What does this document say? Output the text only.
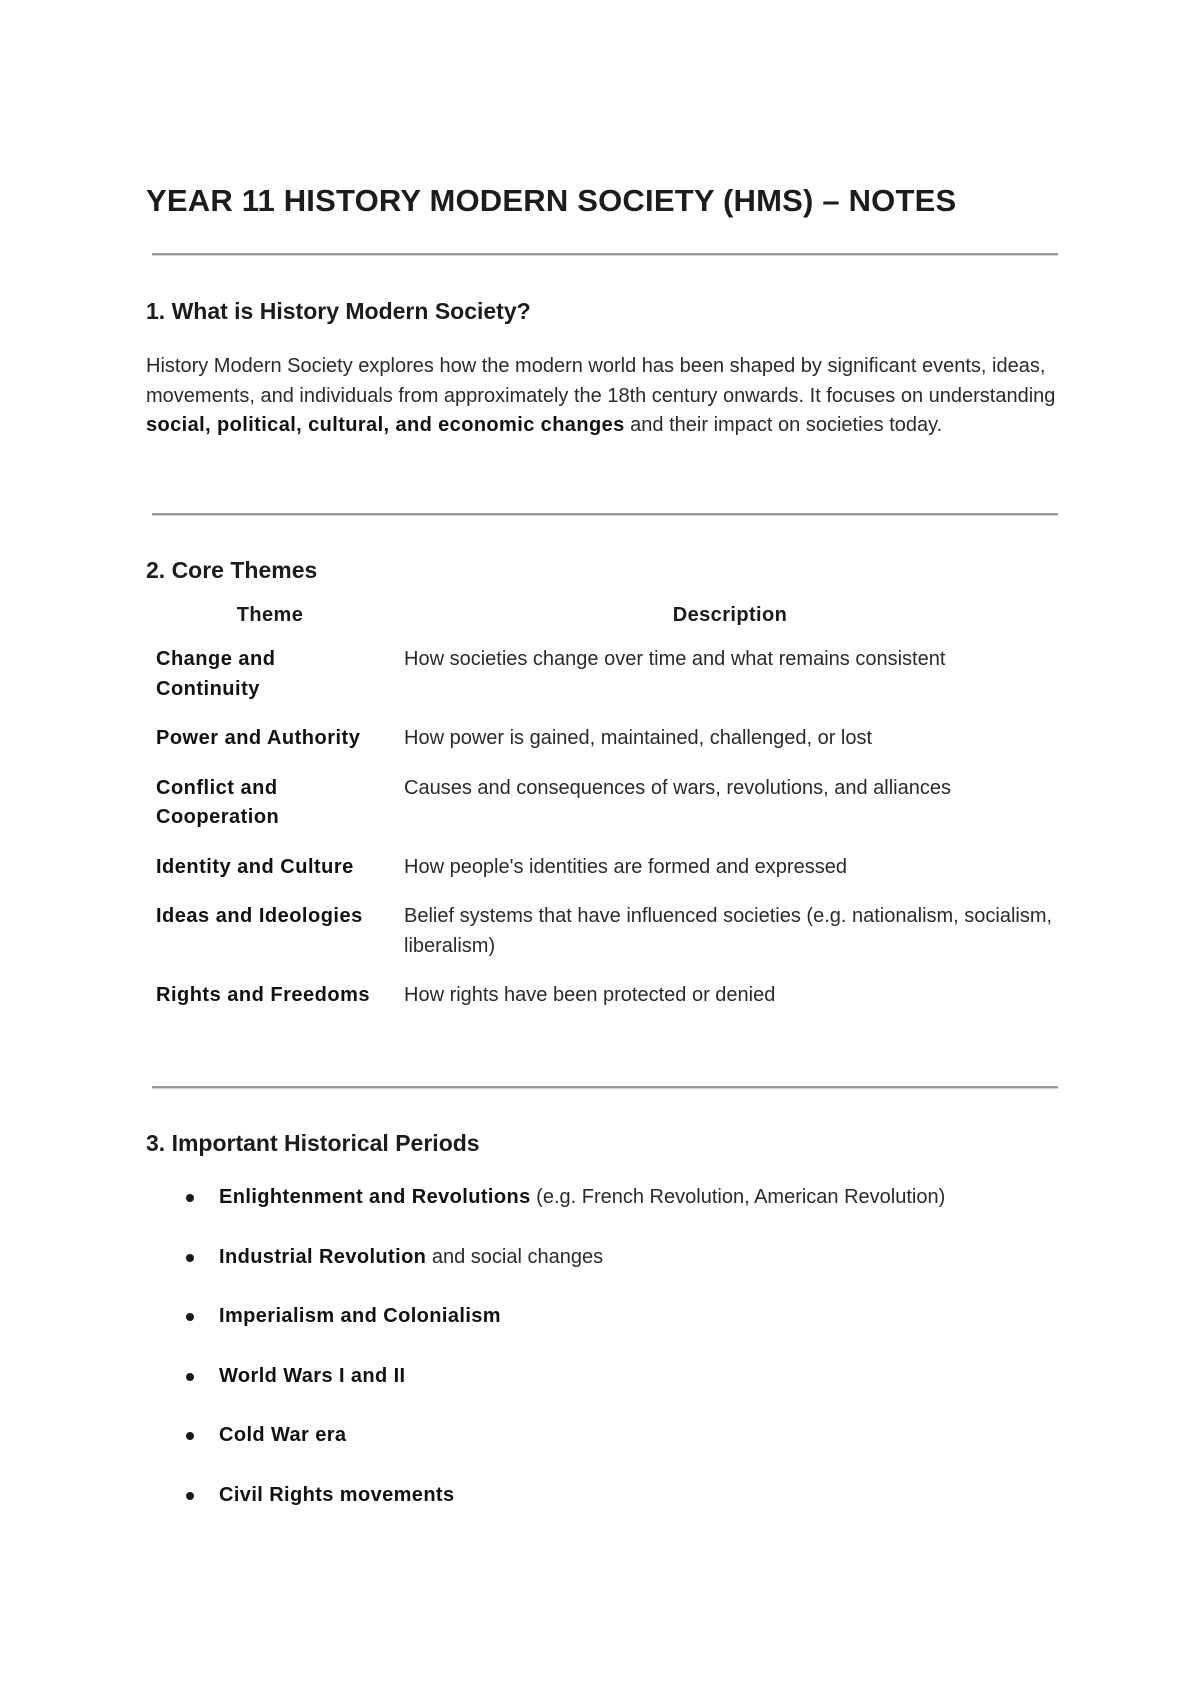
YEAR 11 HISTORY MODERN SOCIETY (HMS) – NOTES
1. What is History Modern Society?

History Modern Society explores how the modern world has been shaped by significant events, ideas, movements, and individuals from approximately the 18th century onwards. It focuses on understanding social, political, cultural, and economic changes and their impact on societies today.

2. Core Themes
Theme	Description
Change and Continuity	How societies change over time and what remains consistent
Power and Authority	How power is gained, maintained, challenged, or lost
Conflict and Cooperation	Causes and consequences of wars, revolutions, and alliances
Identity and Culture	How people's identities are formed and expressed
Ideas and Ideologies	Belief systems that have influenced societies (e.g. nationalism, socialism, liberalism)
Rights and Freedoms	How rights have been protected or denied
3. Important Historical Periods
Enlightenment and Revolutions (e.g. French Revolution, American Revolution)
Industrial Revolution and social changes
Imperialism and Colonialism
World Wars I and II
Cold War era
Civil Rights movements
